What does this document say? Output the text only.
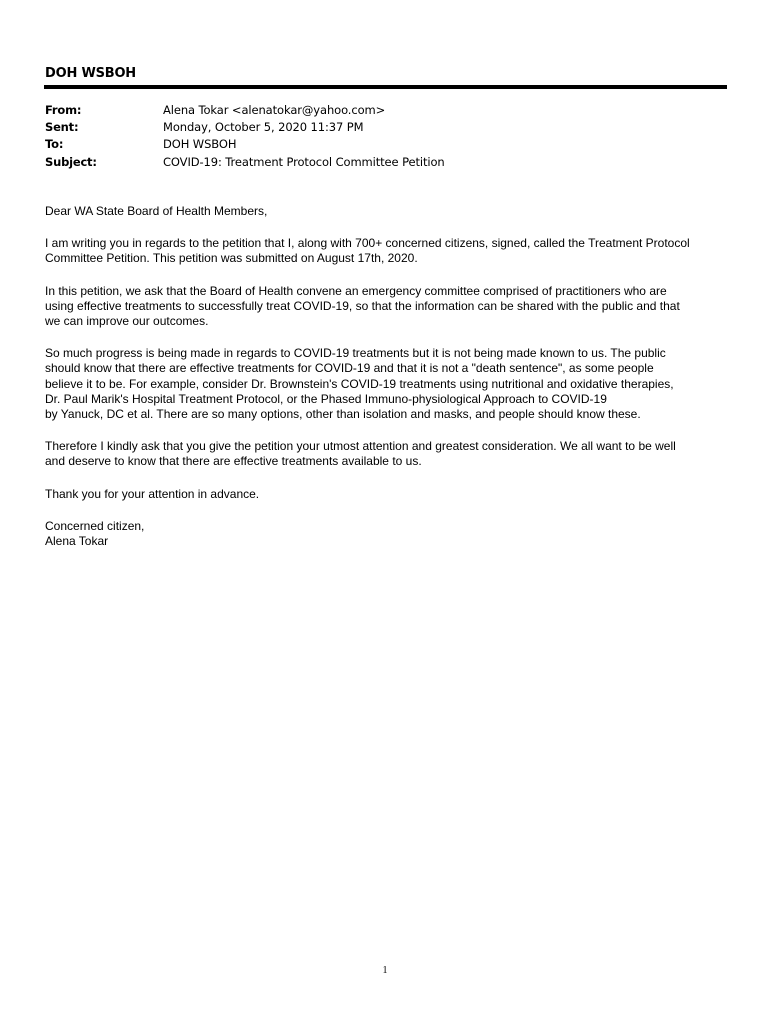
DOH WSBOH
From:	Alena Tokar <alenatokar@yahoo.com>
Sent:	Monday, October 5, 2020 11:37 PM
To:	DOH WSBOH
Subject:	COVID-19: Treatment Protocol Committee Petition

Dear WA State Board of Health Members,

I am writing you in regards to the petition that I, along with 700+ concerned citizens, signed, called the Treatment Protocol
Committee Petition. This petition was submitted on August 17th, 2020.

In this petition, we ask that the Board of Health convene an emergency committee comprised of practitioners who are
using effective treatments to successfully treat COVID-19, so that the information can be shared with the public and that
we can improve our outcomes.

So much progress is being made in regards to COVID-19 treatments but it is not being made known to us. The public
should know that there are effective treatments for COVID-19 and that it is not a "death sentence", as some people
believe it to be. For example, consider Dr. Brownstein's COVID-19 treatments using nutritional and oxidative therapies,
Dr. Paul Marik's Hospital Treatment Protocol, or the Phased Immuno-physiological Approach to COVID-19
by Yanuck, DC et al. There are so many options, other than isolation and masks, and people should know these.

Therefore I kindly ask that you give the petition your utmost attention and greatest consideration. We all want to be well
and deserve to know that there are effective treatments available to us.

Thank you for your attention in advance.

Concerned citizen,
Alena Tokar
1
